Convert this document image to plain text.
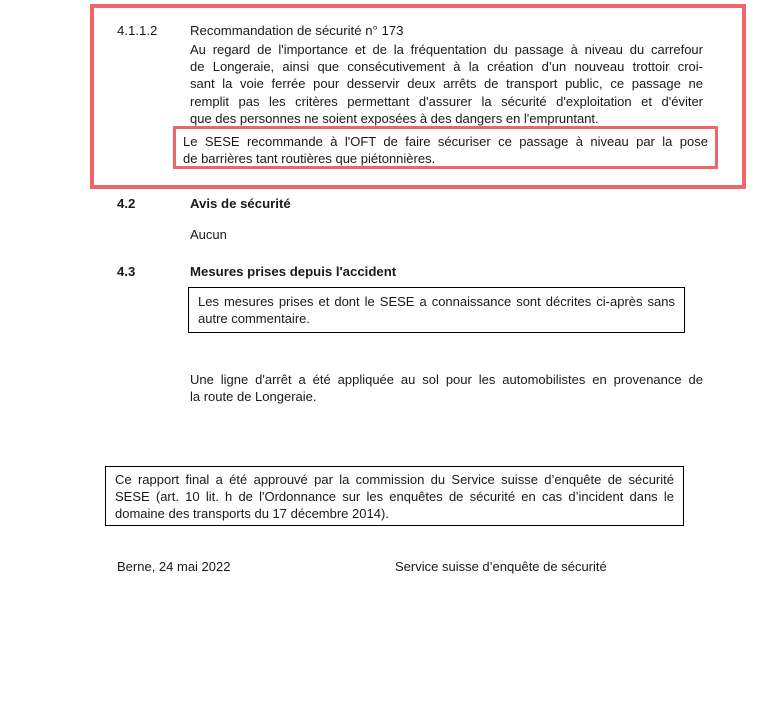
4.1.1.2 Recommandation de sécurité n° 173
Au regard de l'importance et de la fréquentation du passage à niveau du carrefour
de Longeraie, ainsi que consécutivement à la création d’un nouveau trottoir croi-
sant la voie ferrée pour desservir deux arrêts de transport public, ce passage ne
remplit pas les critères permettant d'assurer la sécurité d'exploitation et d'éviter
que des personnes ne soient exposées à des dangers en l'empruntant.
Le SESE recommande à l'OFT de faire sécuriser ce passage à niveau par la pose
de barrières tant routières que piétonnières.
4.2	Avis de sécurité
Aucun
4.3	Mesures prises depuis l'accident
Les mesures prises et dont le SESE a connaissance sont décrites ci-après sans
autre commentaire.
Une ligne d'arrêt a été appliquée au sol pour les automobilistes en provenance de
la route de Longeraie.
Ce rapport final a été approuvé par la commission du Service suisse d’enquête de sécurité
SESE (art. 10 lit. h de l'Ordonnance sur les enquêtes de sécurité en cas d’incident dans le
domaine des transports du 17 décembre 2014).
Berne, 24 mai 2022	Service suisse d’enquête de sécurité
